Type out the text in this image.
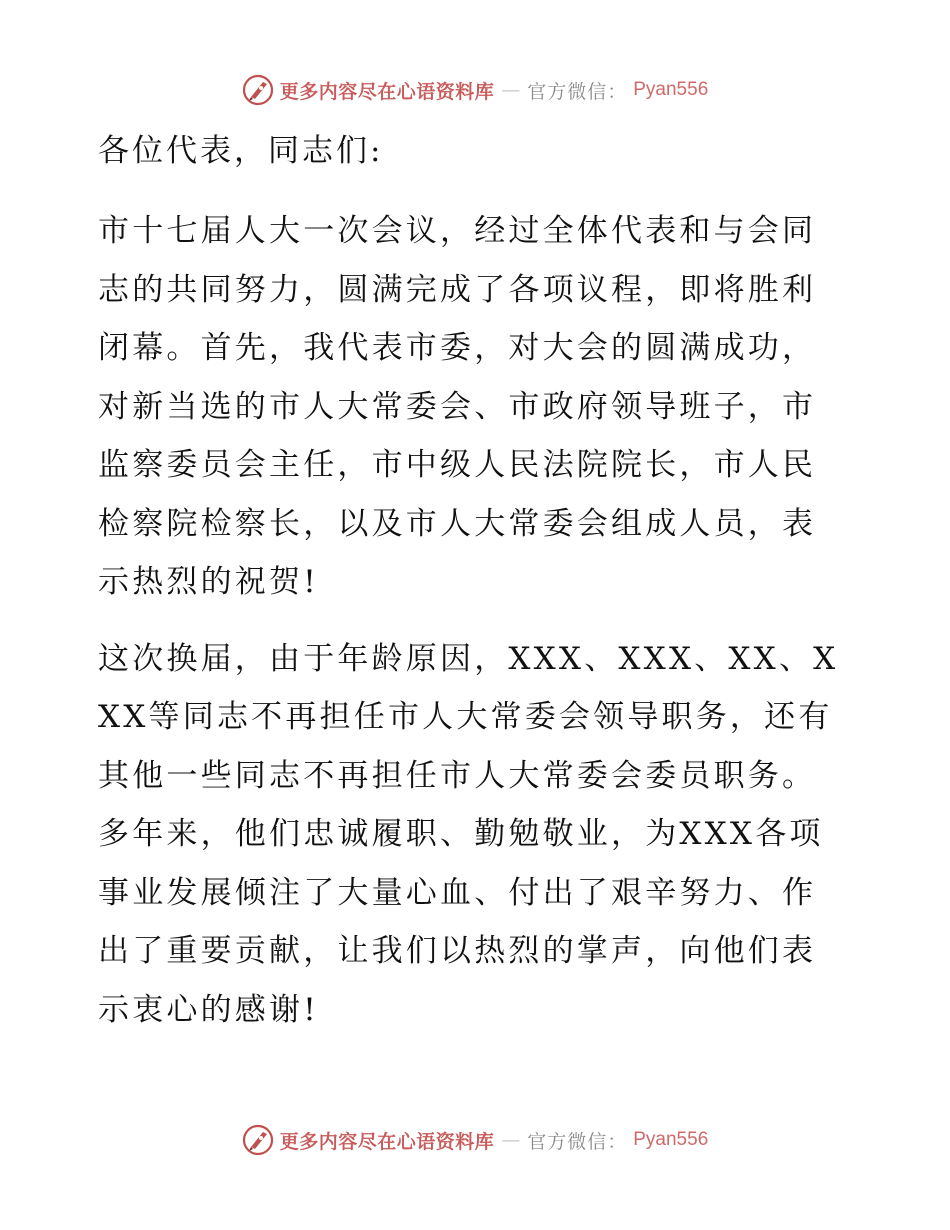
更多内容尽在心语资料库 — 官方微信： Pyan556

各位代表，同志们:

市十七届人大一次会议，经过全体代表和与会同志的共同努力，圆满完成了各项议程，即将胜利闭幕。首先，我代表市委，对大会的圆满成功，对新当选的市人大常委会、市政府领导班子，市监察委员会主任，市中级人民法院院长，市人民检察院检察长，以及市人大常委会组成人员，表示热烈的祝贺!

这次换届，由于年龄原因，XXX、XXX、XX、XXX等同志不再担任市人大常委会领导职务，还有其他一些同志不再担任市人大常委会委员职务。多年来，他们忠诚履职、勤勉敬业，为XXX各项事业发展倾注了大量心血、付出了艰辛努力、作出了重要贡献，让我们以热烈的掌声，向他们表示衷心的感谢!

更多内容尽在心语资料库 — 官方微信： Pyan556
